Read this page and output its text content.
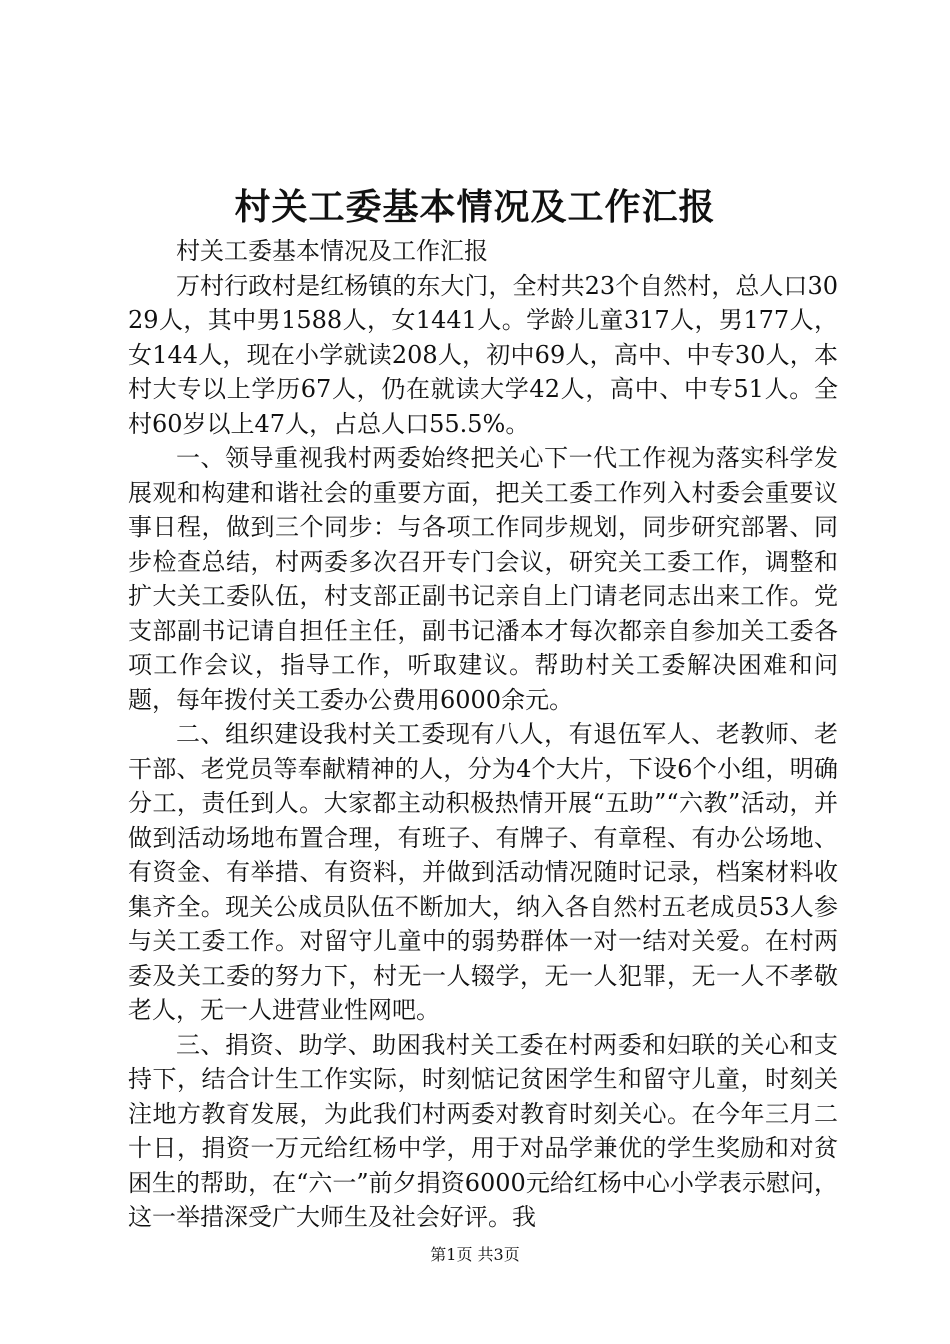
村关工委基本情况及工作汇报

村关工委基本情况及工作汇报

万村行政村是红杨镇的东大门，全村共23个自然村，总人口3029人，其中男1588人，女1441人。学龄儿童317人，男177人，女144人，现在小学就读208人，初中69人，高中、中专30人，本村大专以上学历67人，仍在就读大学42人，高中、中专51人。全村60岁以上47人，占总人口55.5%。

一、领导重视我村两委始终把关心下一代工作视为落实科学发展观和构建和谐社会的重要方面，把关工委工作列入村委会重要议事日程，做到三个同步：与各项工作同步规划，同步研究部署、同步检查总结，村两委多次召开专门会议，研究关工委工作，调整和扩大关工委队伍，村支部正副书记亲自上门请老同志出来工作。党支部副书记请自担任主任，副书记潘本才每次都亲自参加关工委各项工作会议，指导工作，听取建议。帮助村关工委解决困难和问题，每年拨付关工委办公费用6000余元。

二、组织建设我村关工委现有八人，有退伍军人、老教师、老干部、老党员等奉献精神的人，分为4个大片，下设6个小组，明确分工，责任到人。大家都主动积极热情开展“五助”“六教”活动，并做到活动场地布置合理，有班子、有牌子、有章程、有办公场地、有资金、有举措、有资料，并做到活动情况随时记录，档案材料收集齐全。现关公成员队伍不断加大，纳入各自然村五老成员53人参与关工委工作。对留守儿童中的弱势群体一对一结对关爱。在村两委及关工委的努力下，村无一人辍学，无一人犯罪，无一人不孝敬老人，无一人进营业性网吧。

三、捐资、助学、助困我村关工委在村两委和妇联的关心和支持下，结合计生工作实际，时刻惦记贫困学生和留守儿童，时刻关注地方教育发展，为此我们村两委对教育时刻关心。在今年三月二十日，捐资一万元给红杨中学，用于对品学兼优的学生奖励和对贫困生的帮助，在“六一”前夕捐资6000元给红杨中心小学表示慰问，这一举措深受广大师生及社会好评。我

第1页 共3页
